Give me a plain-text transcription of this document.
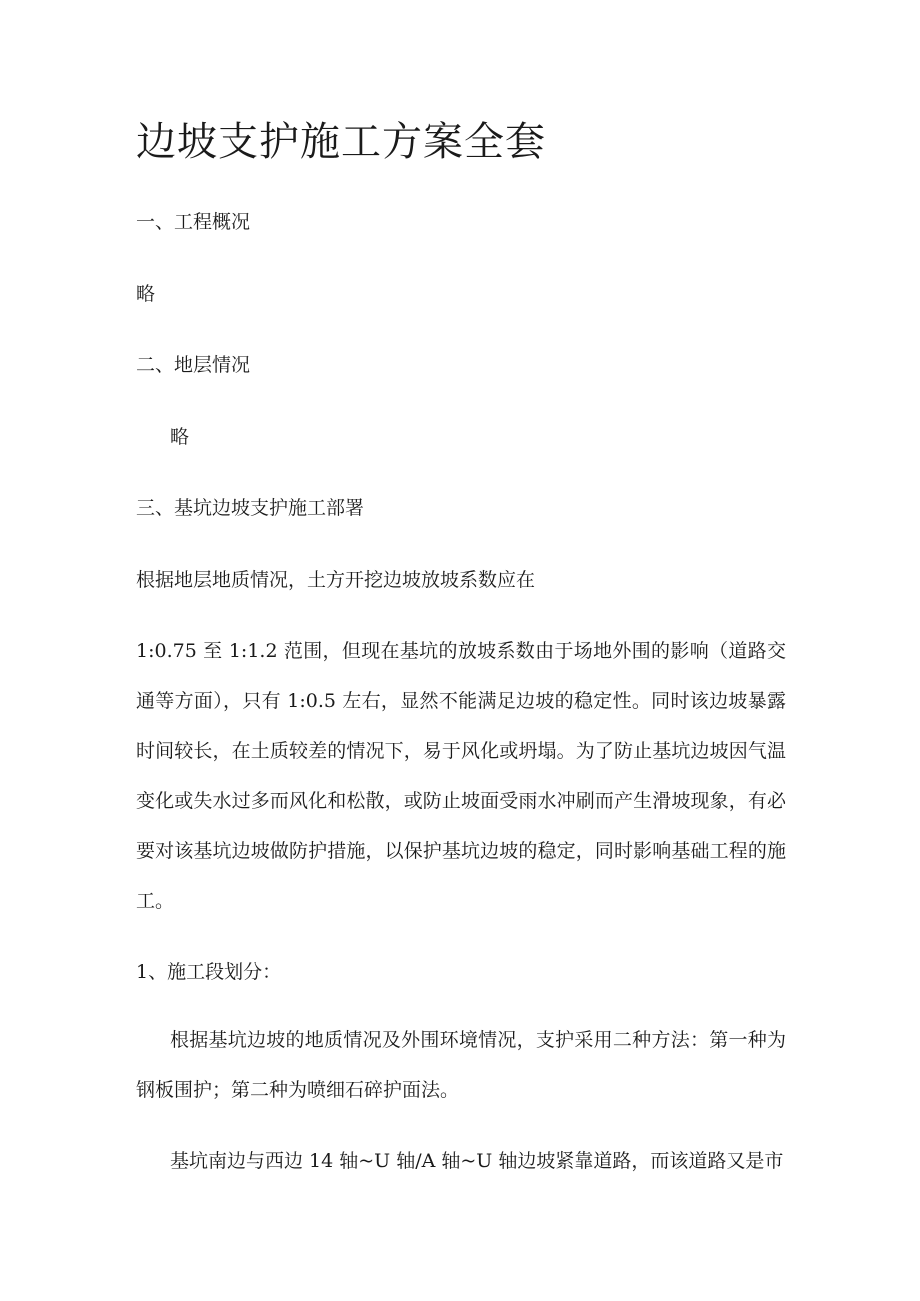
边坡支护施工方案全套
一、工程概况
略
二、地层情况
略
三、基坑边坡支护施工部署
根据地层地质情况，土方开挖边坡放坡系数应在
1:0.75 至 1:1.2 范围，但现在基坑的放坡系数由于场地外围的影响（道路交通等方面），只有 1:0.5 左右，显然不能满足边坡的稳定性。同时该边坡暴露时间较长，在土质较差的情况下，易于风化或坍塌。为了防止基坑边坡因气温变化或失水过多而风化和松散，或防止坡面受雨水冲刷而产生滑坡现象，有必要对该基坑边坡做防护措施，以保护基坑边坡的稳定，同时影响基础工程的施工。
1、施工段划分：
根据基坑边坡的地质情况及外围环境情况，支护采用二种方法：第一种为钢板围护；第二种为喷细石碎护面法。
基坑南边与西边 14 轴~U 轴/A 轴~U 轴边坡紧靠道路，而该道路又是市
